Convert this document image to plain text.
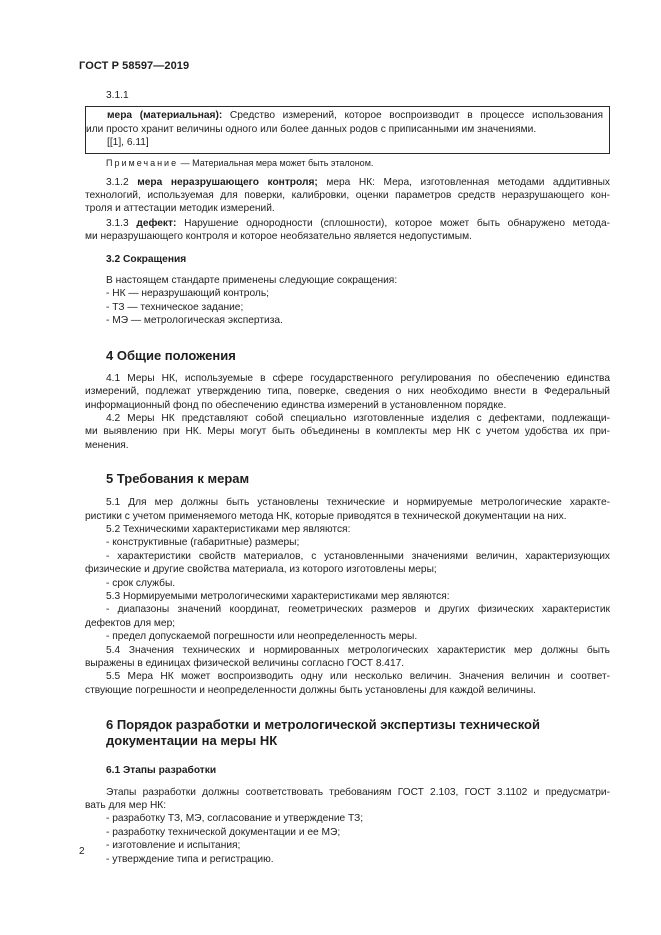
ГОСТ Р 58597—2019

3.1.1

мера (материальная): Средство измерений, которое воспроизводит в процессе использования

или просто хранит величины одного или более данных родов с приписанными им значениями.

[[1], 6.11]

Примечание — Материальная мера может быть эталоном.

3.1.2 мера неразрушающего контроля; мера НК: Мера, изготовленная методами аддитивных

технологий, используемая для поверки, калибровки, оценки параметров средств неразрушающего кон-

троля и аттестации методик измерений.

3.1.3 дефект: Нарушение однородности (сплошности), которое может быть обнаружено метода-

ми неразрушающего контроля и которое необязательно является недопустимым.

3.2 Сокращения

В настоящем стандарте применены следующие сокращения:

- НК — неразрушающий контроль;

- ТЗ — техническое задание;

- МЭ — метрологическая экспертиза.

4 Общие положения

4.1 Меры НК, используемые в сфере государственного регулирования по обеспечению единства

измерений, подлежат утверждению типа, поверке, сведения о них необходимо внести в Федеральный

информационный фонд по обеспечению единства измерений в установленном порядке.

4.2 Меры НК представляют собой специально изготовленные изделия с дефектами, подлежащи-

ми выявлению при НК. Меры могут быть объединены в комплекты мер НК с учетом удобства их при-

менения.

5 Требования к мерам

5.1 Для мер должны быть установлены технические и нормируемые метрологические характе-

ристики с учетом применяемого метода НК, которые приводятся в технической документации на них.

5.2 Техническими характеристиками мер являются:

- конструктивные (габаритные) размеры;

- характеристики свойств материалов, с установленными значениями величин, характеризующих

физические и другие свойства материала, из которого изготовлены меры;

- срок службы.

5.3 Нормируемыми метрологическими характеристиками мер являются:

- диапазоны значений координат, геометрических размеров и других физических характеристик

дефектов для мер;

- предел допускаемой погрешности или неопределенность меры.

5.4 Значения технических и нормированных метрологических характеристик мер должны быть

выражены в единицах физической величины согласно ГОСТ 8.417.

5.5 Мера НК может воспроизводить одну или несколько величин. Значения величин и соответ-

ствующие погрешности и неопределенности должны быть установлены для каждой величины.

6 Порядок разработки и метрологической экспертизы технической

документации на меры НК

6.1 Этапы разработки

Этапы разработки должны соответствовать требованиям ГОСТ 2.103, ГОСТ 3.1102 и предусматри-

вать для мер НК:

- разработку ТЗ, МЭ, согласование и утверждение ТЗ;

- разработку технической документации и ее МЭ;

- изготовление и испытания;

- утверждение типа и регистрацию.

2
